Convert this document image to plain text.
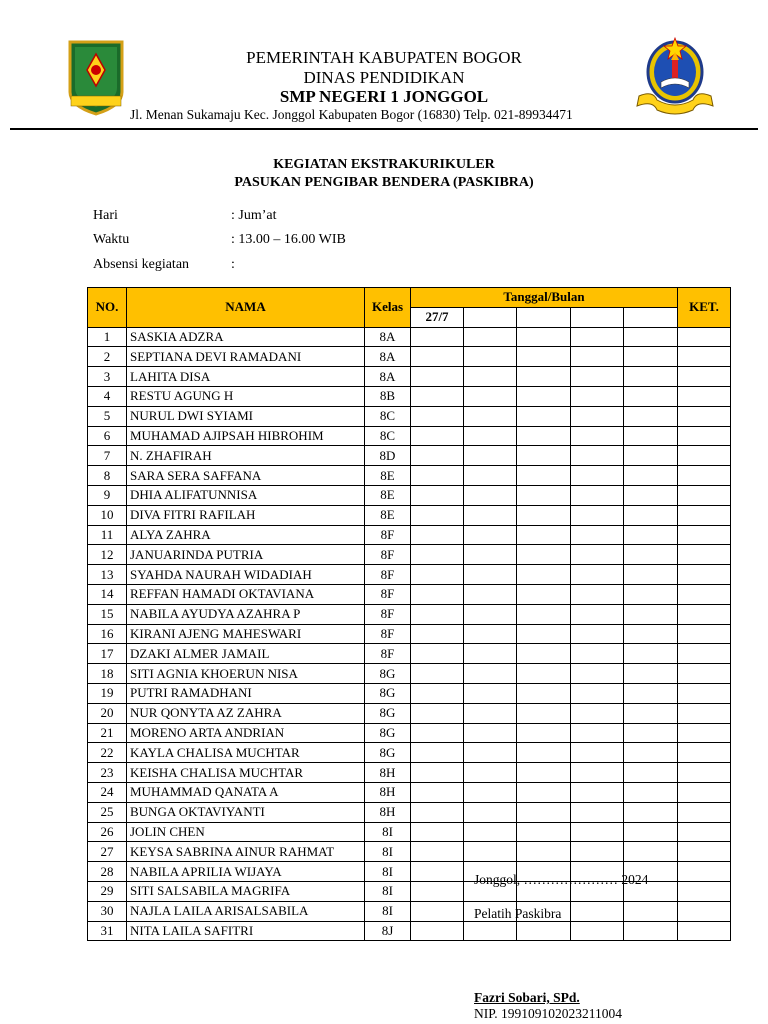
PEMERINTAH KABUPATEN BOGOR
DINAS PENDIDIKAN
SMP NEGERI 1 JONGGOL
Jl. Menan Sukamaju Kec. Jonggol Kabupaten Bogor (16830) Telp. 021-89934471
KEGIATAN EKSTRAKURIKULER
PASUKAN PENGIBAR BENDERA (PASKIBRA)
Hari	: Jum’at
Waktu	: 13.00 – 16.00 WIB
Absensi kegiatan	:
NO.	NAMA	Kelas	Tanggal/Bulan					KET.
			27/7					
1	SASKIA ADZRA	8A						
2	SEPTIANA DEVI RAMADANI	8A						
3	LAHITA DISA	8A						
4	RESTU AGUNG H	8B						
5	NURUL DWI SYIAMI	8C						
6	MUHAMAD AJIPSAH HIBROHIM	8C						
7	N. ZHAFIRAH	8D						
8	SARA SERA SAFFANA	8E						
9	DHIA ALIFATUNNISA	8E						
10	DIVA FITRI RAFILAH	8E						
11	ALYA ZAHRA	8F						
12	JANUARINDA PUTRIA	8F						
13	SYAHDA NAURAH WIDADIAH	8F						
14	REFFAN HAMADI OKTAVIANA	8F						
15	NABILA AYUDYA AZAHRA P	8F						
16	KIRANI AJENG MAHESWARI	8F						
17	DZAKI ALMER JAMAIL	8F						
18	SITI AGNIA KHOERUN NISA	8G						
19	PUTRI RAMADHANI	8G						
20	NUR QONYTA AZ ZAHRA	8G						
21	MORENO ARTA ANDRIAN	8G						
22	KAYLA CHALISA MUCHTAR	8G						
23	KEISHA CHALISA MUCHTAR	8H						
24	MUHAMMAD QANATA A	8H						
25	BUNGA OKTAVIYANTI	8H						
26	JOLIN CHEN	8I						
27	KEYSA SABRINA AINUR RAHMAT	8I						
28	NABILA APRILIA WIJAYA	8I						
29	SITI SALSABILA MAGRIFA	8I						
30	NAJLA LAILA ARISALSABILA	8I						
31	NITA LAILA SAFITRI	8J						
Jonggol, ………………… 2024
Pelatih Paskibra
Fazri Sobari, SPd.
NIP. 199109102023211004
